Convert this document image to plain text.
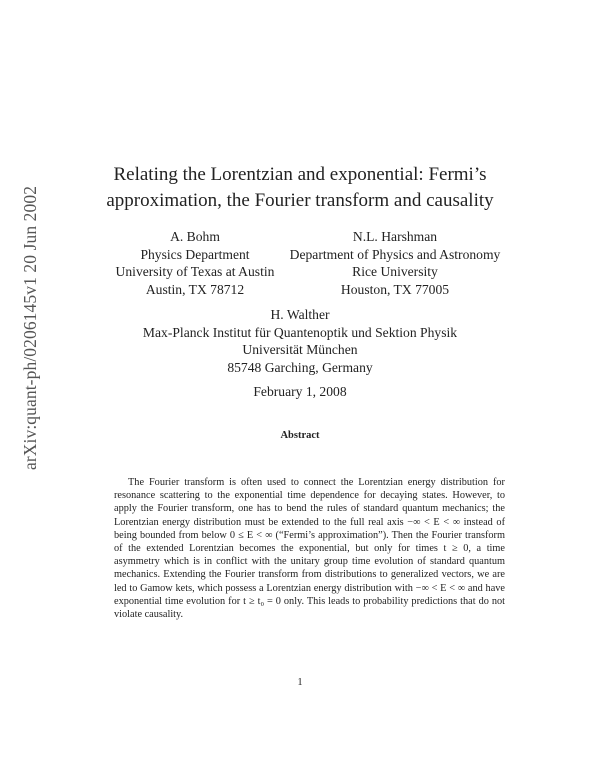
arXiv:quant-ph/0206145v1 20 Jun 2002
Relating the Lorentzian and exponential: Fermi’s
approximation, the Fourier transform and causality
A. Bohm
Physics Department
University of Texas at Austin
Austin, TX 78712
N.L. Harshman
Department of Physics and Astronomy
Rice University
Houston, TX 77005
H. Walther
Max-Planck Institut für Quantenoptik und Sektion Physik
Universität München
85748 Garching, Germany
February 1, 2008
Abstract
The Fourier transform is often used to connect the Lorentzian energy distribution for resonance scattering to the exponential time dependence for decaying states. However, to apply the Fourier transform, one has to bend the rules of standard quantum mechanics; the Lorentzian energy distribution must be extended to the full real axis −∞ < E < ∞ instead of being bounded from below 0 ≤ E < ∞ (“Fermi’s approximation”). Then the Fourier transform of the extended Lorentzian becomes the exponential, but only for times t ≥ 0, a time asymmetry which is in conflict with the unitary group time evolution of standard quantum mechanics. Extending the Fourier transform from distributions to generalized vectors, we are led to Gamow kets, which possess a Lorentzian energy distribution with −∞ < E < ∞ and have exponential time evolution for t ≥ t₀ = 0 only. This leads to probability predictions that do not violate causality.
1
